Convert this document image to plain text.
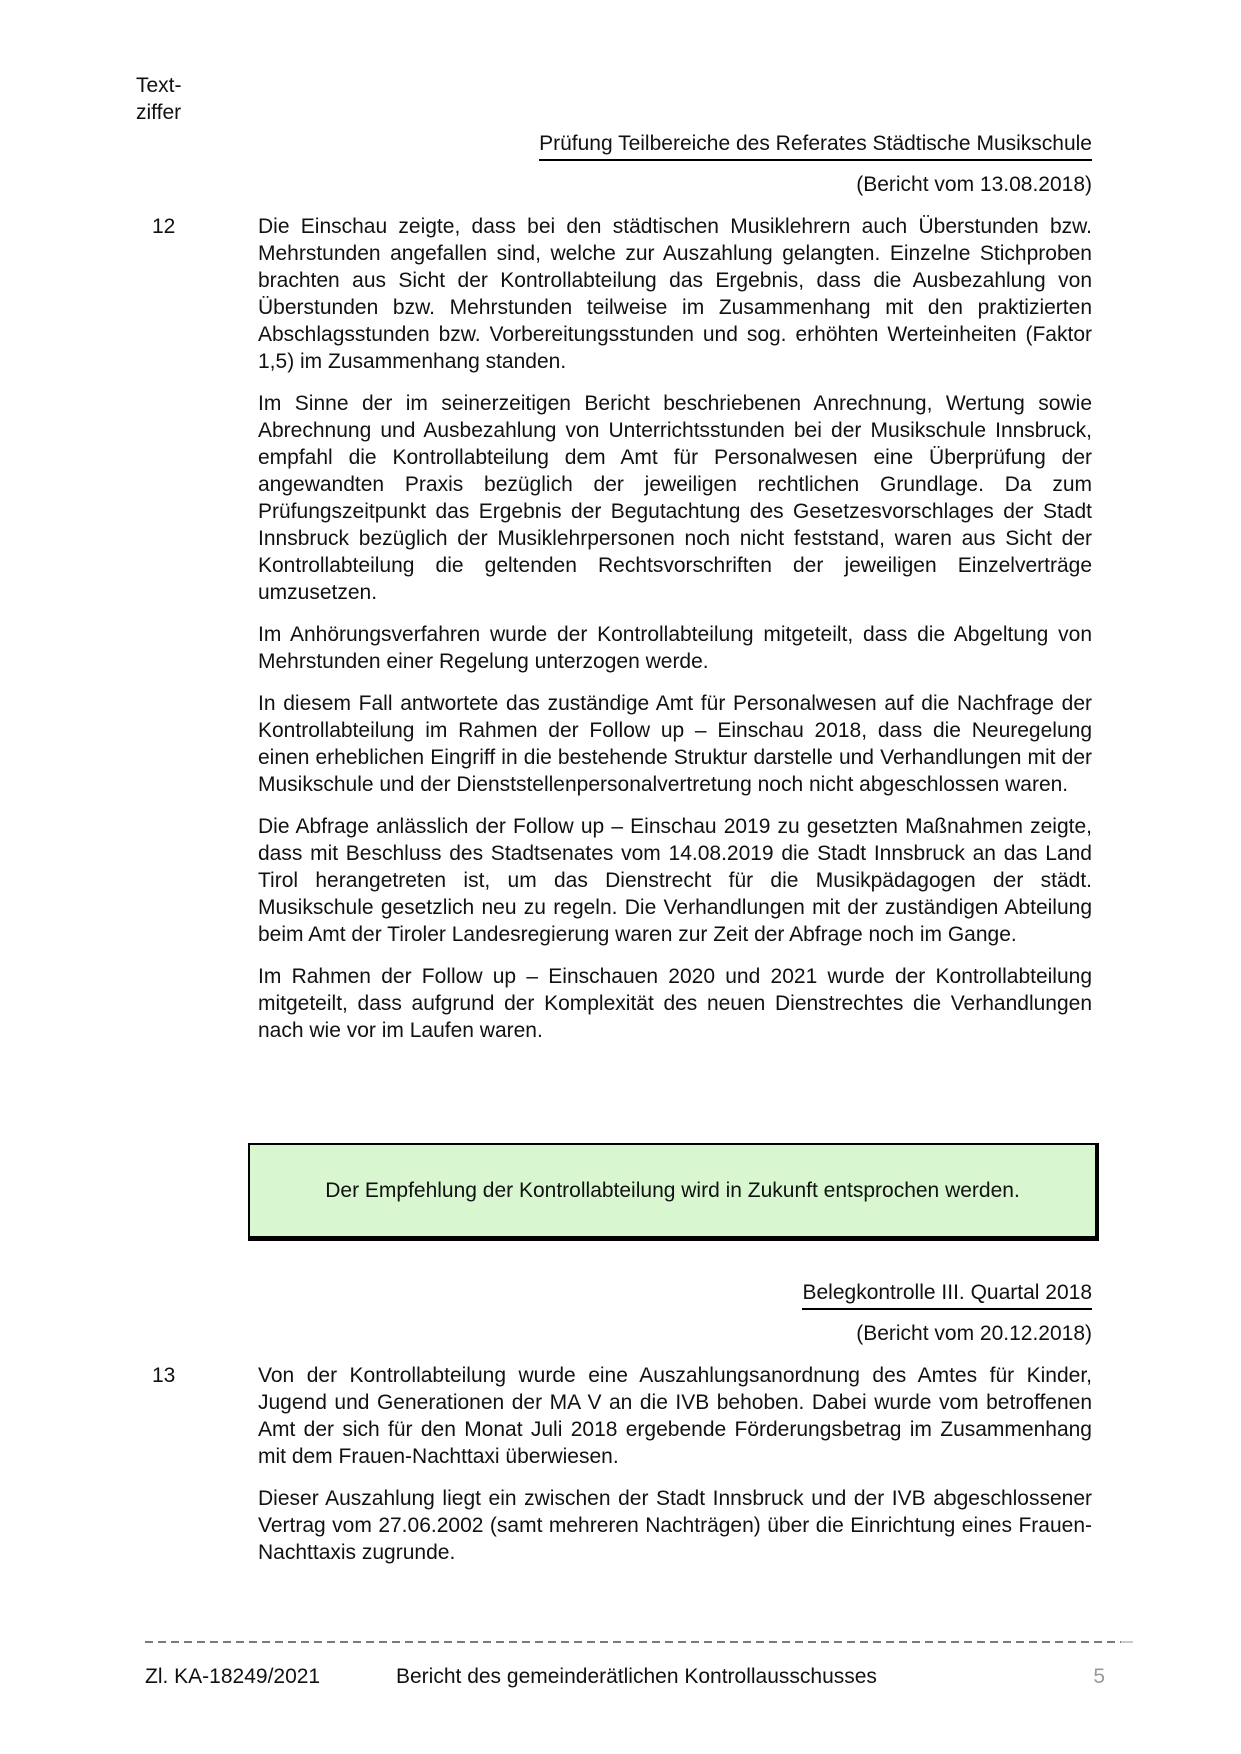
Text-
ziffer
Prüfung Teilbereiche des Referates Städtische Musikschule
(Bericht vom 13.08.2018)
12	Die Einschau zeigte, dass bei den städtischen Musiklehrern auch Überstunden bzw. Mehrstunden angefallen sind, welche zur Auszahlung gelangten. Einzelne Stichproben brachten aus Sicht der Kontrollabteilung das Ergebnis, dass die Ausbezahlung von Überstunden bzw. Mehrstunden teilweise im Zusammenhang mit den praktizierten Abschlagsstunden bzw. Vorbereitungsstunden und sog. erhöhten Werteinheiten (Faktor 1,5) im Zusammenhang standen.

Im Sinne der im seinerzeitigen Bericht beschriebenen Anrechnung, Wertung sowie Abrechnung und Ausbezahlung von Unterrichtsstunden bei der Musikschule Innsbruck, empfahl die Kontrollabteilung dem Amt für Personalwesen eine Überprüfung der angewandten Praxis bezüglich der jeweiligen rechtlichen Grundlage. Da zum Prüfungszeitpunkt das Ergebnis der Begutachtung des Gesetzesvorschlages der Stadt Innsbruck bezüglich der Musiklehrpersonen noch nicht feststand, waren aus Sicht der Kontrollabteilung die geltenden Rechtsvorschriften der jeweiligen Einzelverträge umzusetzen.

Im Anhörungsverfahren wurde der Kontrollabteilung mitgeteilt, dass die Abgeltung von Mehrstunden einer Regelung unterzogen werde.

In diesem Fall antwortete das zuständige Amt für Personalwesen auf die Nachfrage der Kontrollabteilung im Rahmen der Follow up – Einschau 2018, dass die Neuregelung einen erheblichen Eingriff in die bestehende Struktur darstelle und Verhandlungen mit der Musikschule und der Dienststellenpersonalvertretung noch nicht abgeschlossen waren.

Die Abfrage anlässlich der Follow up – Einschau 2019 zu gesetzten Maßnahmen zeigte, dass mit Beschluss des Stadtsenates vom 14.08.2019 die Stadt Innsbruck an das Land Tirol herangetreten ist, um das Dienstrecht für die Musikpädagogen der städt. Musikschule gesetzlich neu zu regeln. Die Verhandlungen mit der zuständigen Abteilung beim Amt der Tiroler Landesregierung waren zur Zeit der Abfrage noch im Gange.

Im Rahmen der Follow up – Einschauen 2020 und 2021 wurde der Kontrollabteilung mitgeteilt, dass aufgrund der Komplexität des neuen Dienstrechtes die Verhandlungen nach wie vor im Laufen waren.

Der Empfehlung der Kontrollabteilung wird in Zukunft entsprochen werden.
Belegkontrolle III. Quartal 2018
(Bericht vom 20.12.2018)
13	Von der Kontrollabteilung wurde eine Auszahlungsanordnung des Amtes für Kinder, Jugend und Generationen der MA V an die IVB behoben. Dabei wurde vom betroffenen Amt der sich für den Monat Juli 2018 ergebende Förderungsbetrag im Zusammenhang mit dem Frauen-Nachttaxi überwiesen.

Dieser Auszahlung liegt ein zwischen der Stadt Innsbruck und der IVB abgeschlossener Vertrag vom 27.06.2002 (samt mehreren Nachträgen) über die Einrichtung eines Frauen-Nachttaxis zugrunde.

Zl. KA-18249/2021	Bericht des gemeinderätlichen Kontrollausschusses	5
